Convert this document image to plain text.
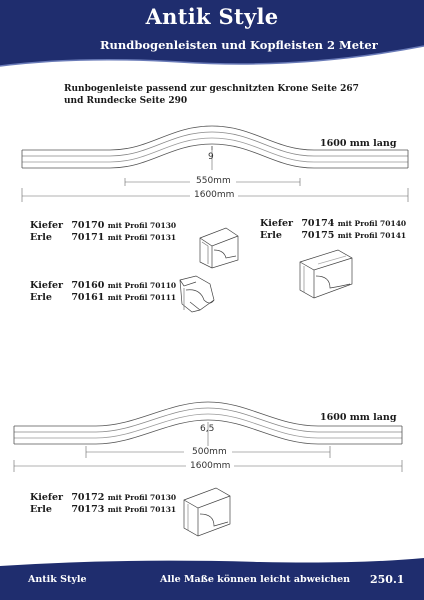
Antik Style
Rundbogenleisten und Kopfleisten 2 Meter
Runbogenleiste passend zur geschnitzten Krone Seite 267
und Rundecke Seite 290
1600 mm lang
9
550mm
1600mm
Kiefer 70170 mit Profil 70130
Erle 70171 mit Profil 70131
Kiefer 70174 mit Profil 70140
Erle 70175 mit Profil 70141
Kiefer 70160 mit Profil 70110
Erle 70161 mit Profil 70111
1600 mm lang
6,5
500mm
1600mm
Kiefer 70172 mit Profil 70130
Erle 70173 mit Profil 70131
Antik Style	Alle Maße können leicht abweichen 250.1
